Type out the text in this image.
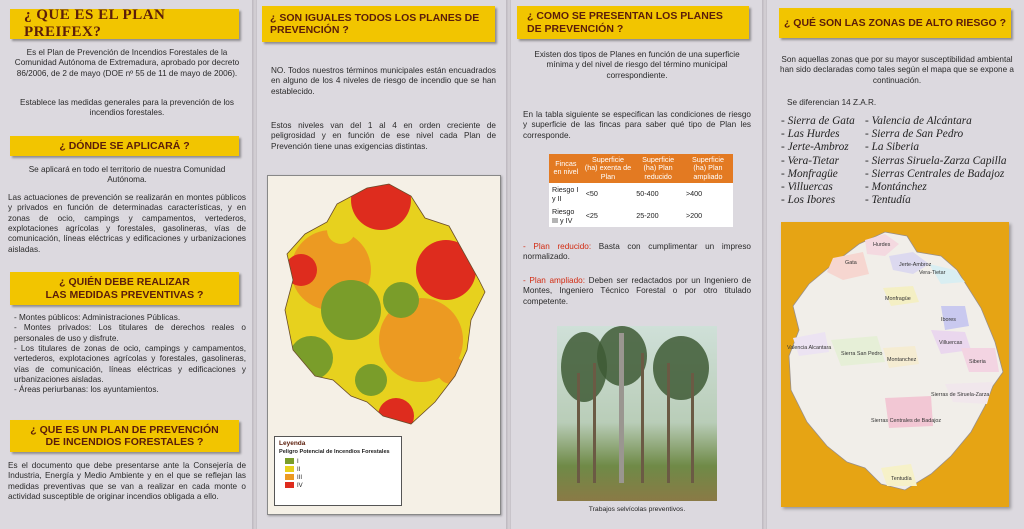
¿ QUE ES EL PLAN PREIFEX?

Es el Plan de Prevención de Incendios Forestales de la Comunidad Autónoma de Extremadura, aprobado por decreto 86/2006, de 2 de mayo (DOE nº 55 de 11 de mayo de 2006).

Establece las medidas generales para la prevención de los incendios forestales.

¿ DÓNDE SE APLICARÁ ?

Se aplicará en todo el territorio de nuestra Comunidad Autónoma.

Las actuaciones de prevención se realizarán en montes públicos y privados en función de determinadas características, y en zonas de ocio, campings y campamentos, vertederos, explotaciones agrícolas y forestales, gasolineras, vías de comunicación, líneas eléctricas y edificaciones y urbanizaciones aisladas.

¿ QUIÉN DEBE REALIZAR
LAS MEDIDAS PREVENTIVAS ?
- Montes públicos: Administraciones Públicas.
- Montes privados: Los titulares de derechos reales o personales de uso y disfrute.
- Los titulares de zonas de ocio, campings y campamentos, vertederos, explotaciones agrícolas y forestales, gasolineras, vías de comunicación, líneas eléctricas y edificaciones y urbanizaciones aisladas.
- Áreas periurbanas: los ayuntamientos.
¿ QUE ES UN PLAN DE PREVENCIÓN
DE INCENDIOS FORESTALES ?

Es el documento que debe presentarse ante la Consejería de Industria, Energía y Medio Ambiente y en el que se reflejan las medidas preventivas que se van a realizar en cada monte o actividad susceptible de originar incendios obligada a ello.

¿ SON IGUALES TODOS LOS PLANES DE PREVENCIÓN ?

NO. Todos nuestros términos municipales están encuadrados en alguno de los 4 niveles de riesgo de incendio que se han establecido.

Estos niveles van del 1 al 4 en orden creciente de peligrosidad y en función de ese nivel cada Plan de Prevención tiene unas exigencias distintas.

Leyenda
Peligro Potencial de Incendios Forestales
I
II
III
IV
¿ COMO SE PRESENTAN LOS PLANES DE PREVENCIÓN ?

Existen dos tipos de Planes en función de una superficie mínima y del nivel de riesgo del término municipal correspondiente.

En la tabla siguiente se especifican las condiciones de riesgo y superficie de las fincas para saber qué tipo de Plan les corresponde.

Fincas en nivel	Superficie (ha) exenta de Plan	Superficie (ha) Plan reducido	Superficie (ha) Plan ampliado
Riesgo I y II	<50	50-400	>400
Riesgo III y IV	<25	25-200	>200

- Plan reducido: Basta con cumplimentar un impreso normalizado.

- Plan ampliado: Deben ser redactados por un Ingeniero de Montes, Ingeniero Técnico Forestal o por otro titulado competente.

Trabajos selvícolas preventivos.
¿ QUÉ SON LAS ZONAS DE ALTO RIESGO ?

Son aquellas zonas que por su mayor susceptibilidad ambiental han sido declaradas como tales según el mapa que se expone a continuación.

Se diferencian 14 Z.A.R.

- Sierra de Gata
- Las Hurdes
- Jerte-Ambroz
- Vera-Tietar
- Monfragüe
- Villuercas
- Los Ibores
- Valencia de Alcántara
- Sierra de San Pedro
- La Siberia
- Sierras Siruela-Zarza Capilla
- Sierras Centrales de Badajoz
- Montánchez
- Tentudía
Hurdes
Gata	Jerte-Ambroz
Vera-Tietar
Monfragüe
Ibores
Villuercas
Valencia Alcantara
Sierra San Pedro
Montanchez	Siberia
Sierras de Siruela-Zarza
Sierras Centrales de Badajoz
Tentudía
